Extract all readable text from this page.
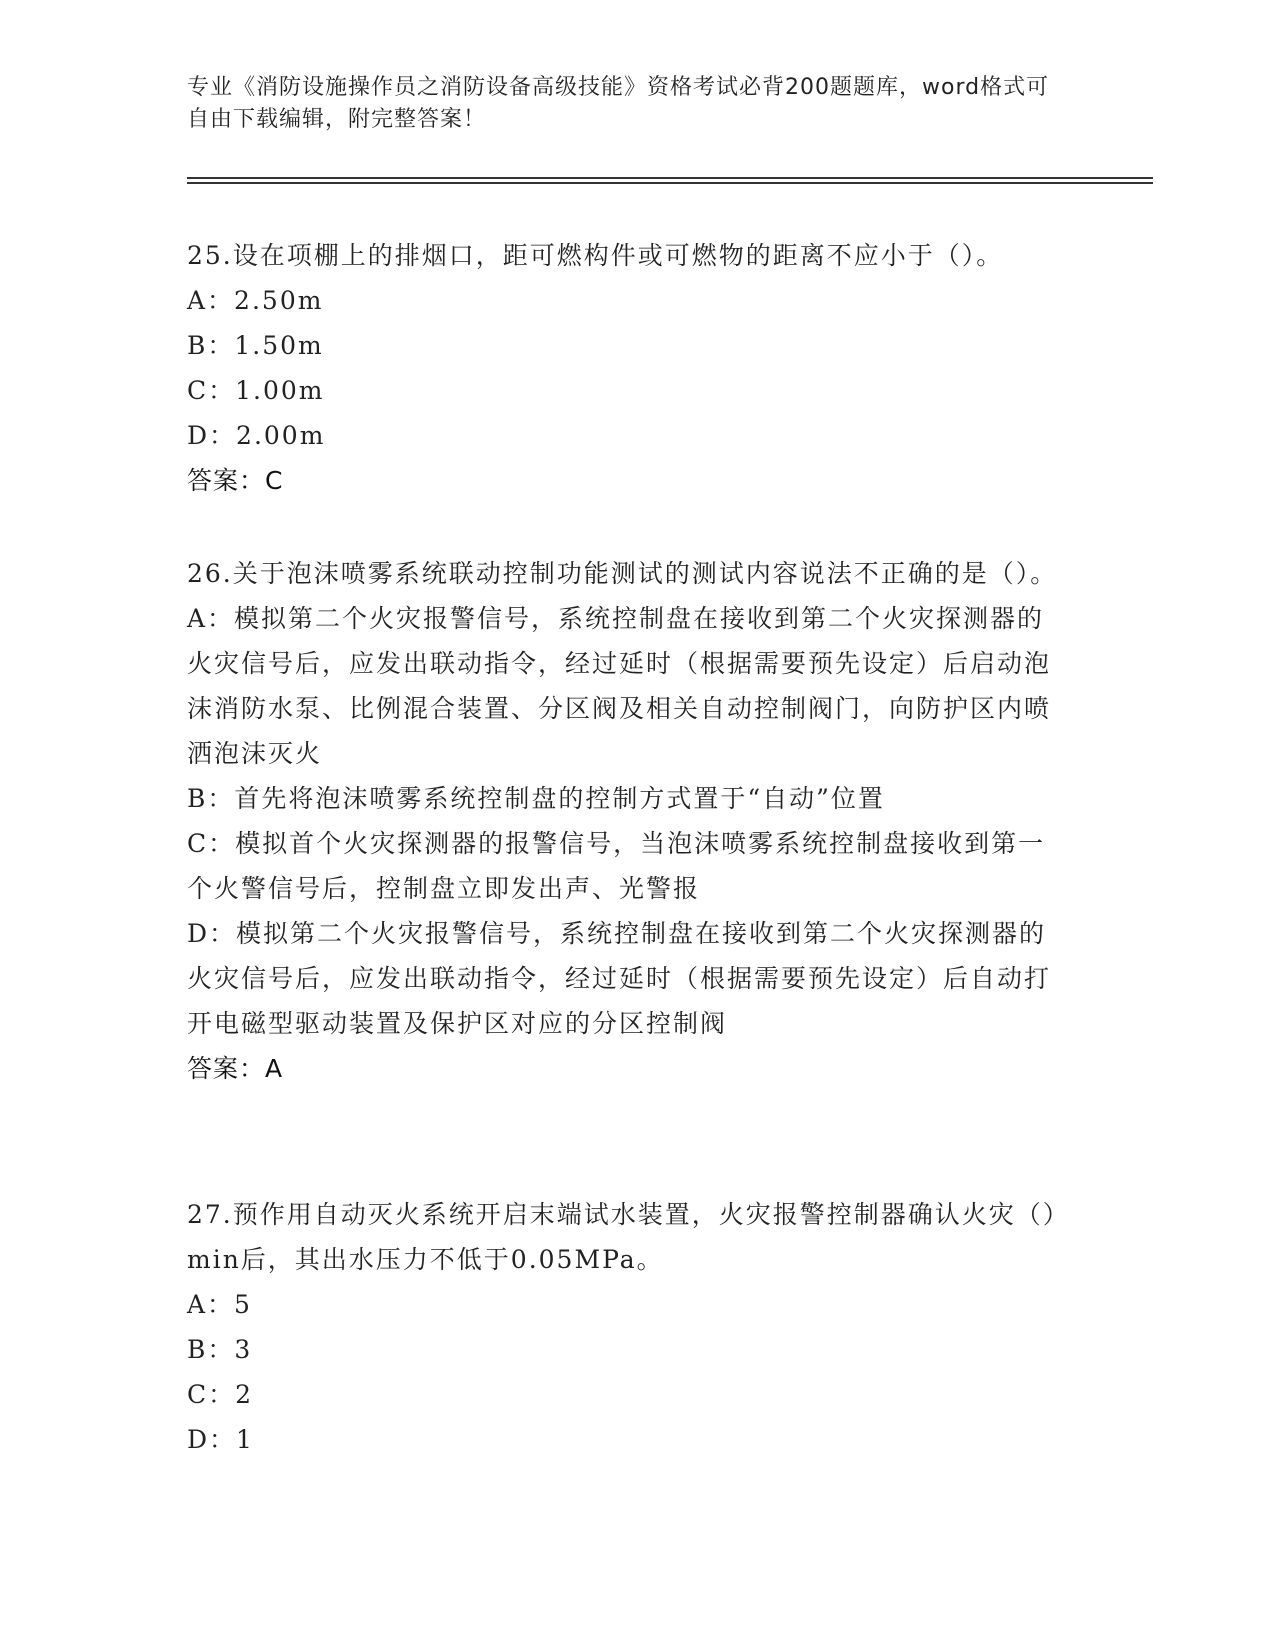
专业《消防设施操作员之消防设备高级技能》资格考试必背200题题库，word格式可自由下载编辑，附完整答案！

25.设在项棚上的排烟口，距可燃构件或可燃物的距离不应小于（）。

A：2.50m

B：1.50m

C：1.00m

D：2.00m

答案：C

26.关于泡沫喷雾系统联动控制功能测试的测试内容说法不正确的是（）。

A：模拟第二个火灾报警信号，系统控制盘在接收到第二个火灾探测器的火灾信号后，应发出联动指令，经过延时（根据需要预先设定）后启动泡沫消防水泵、比例混合装置、分区阀及相关自动控制阀门，向防护区内喷洒泡沫灭火

B：首先将泡沫喷雾系统控制盘的控制方式置于“自动”位置

C：模拟首个火灾探测器的报警信号，当泡沫喷雾系统控制盘接收到第一个火警信号后，控制盘立即发出声、光警报

D：模拟第二个火灾报警信号，系统控制盘在接收到第二个火灾探测器的火灾信号后，应发出联动指令，经过延时（根据需要预先设定）后自动打开电磁型驱动装置及保护区对应的分区控制阀

答案：A

27.预作用自动灭火系统开启末端试水装置，火灾报警控制器确认火灾（）min后，其出水压力不低于0.05MPa。

A：5

B：3

C：2

D：1
